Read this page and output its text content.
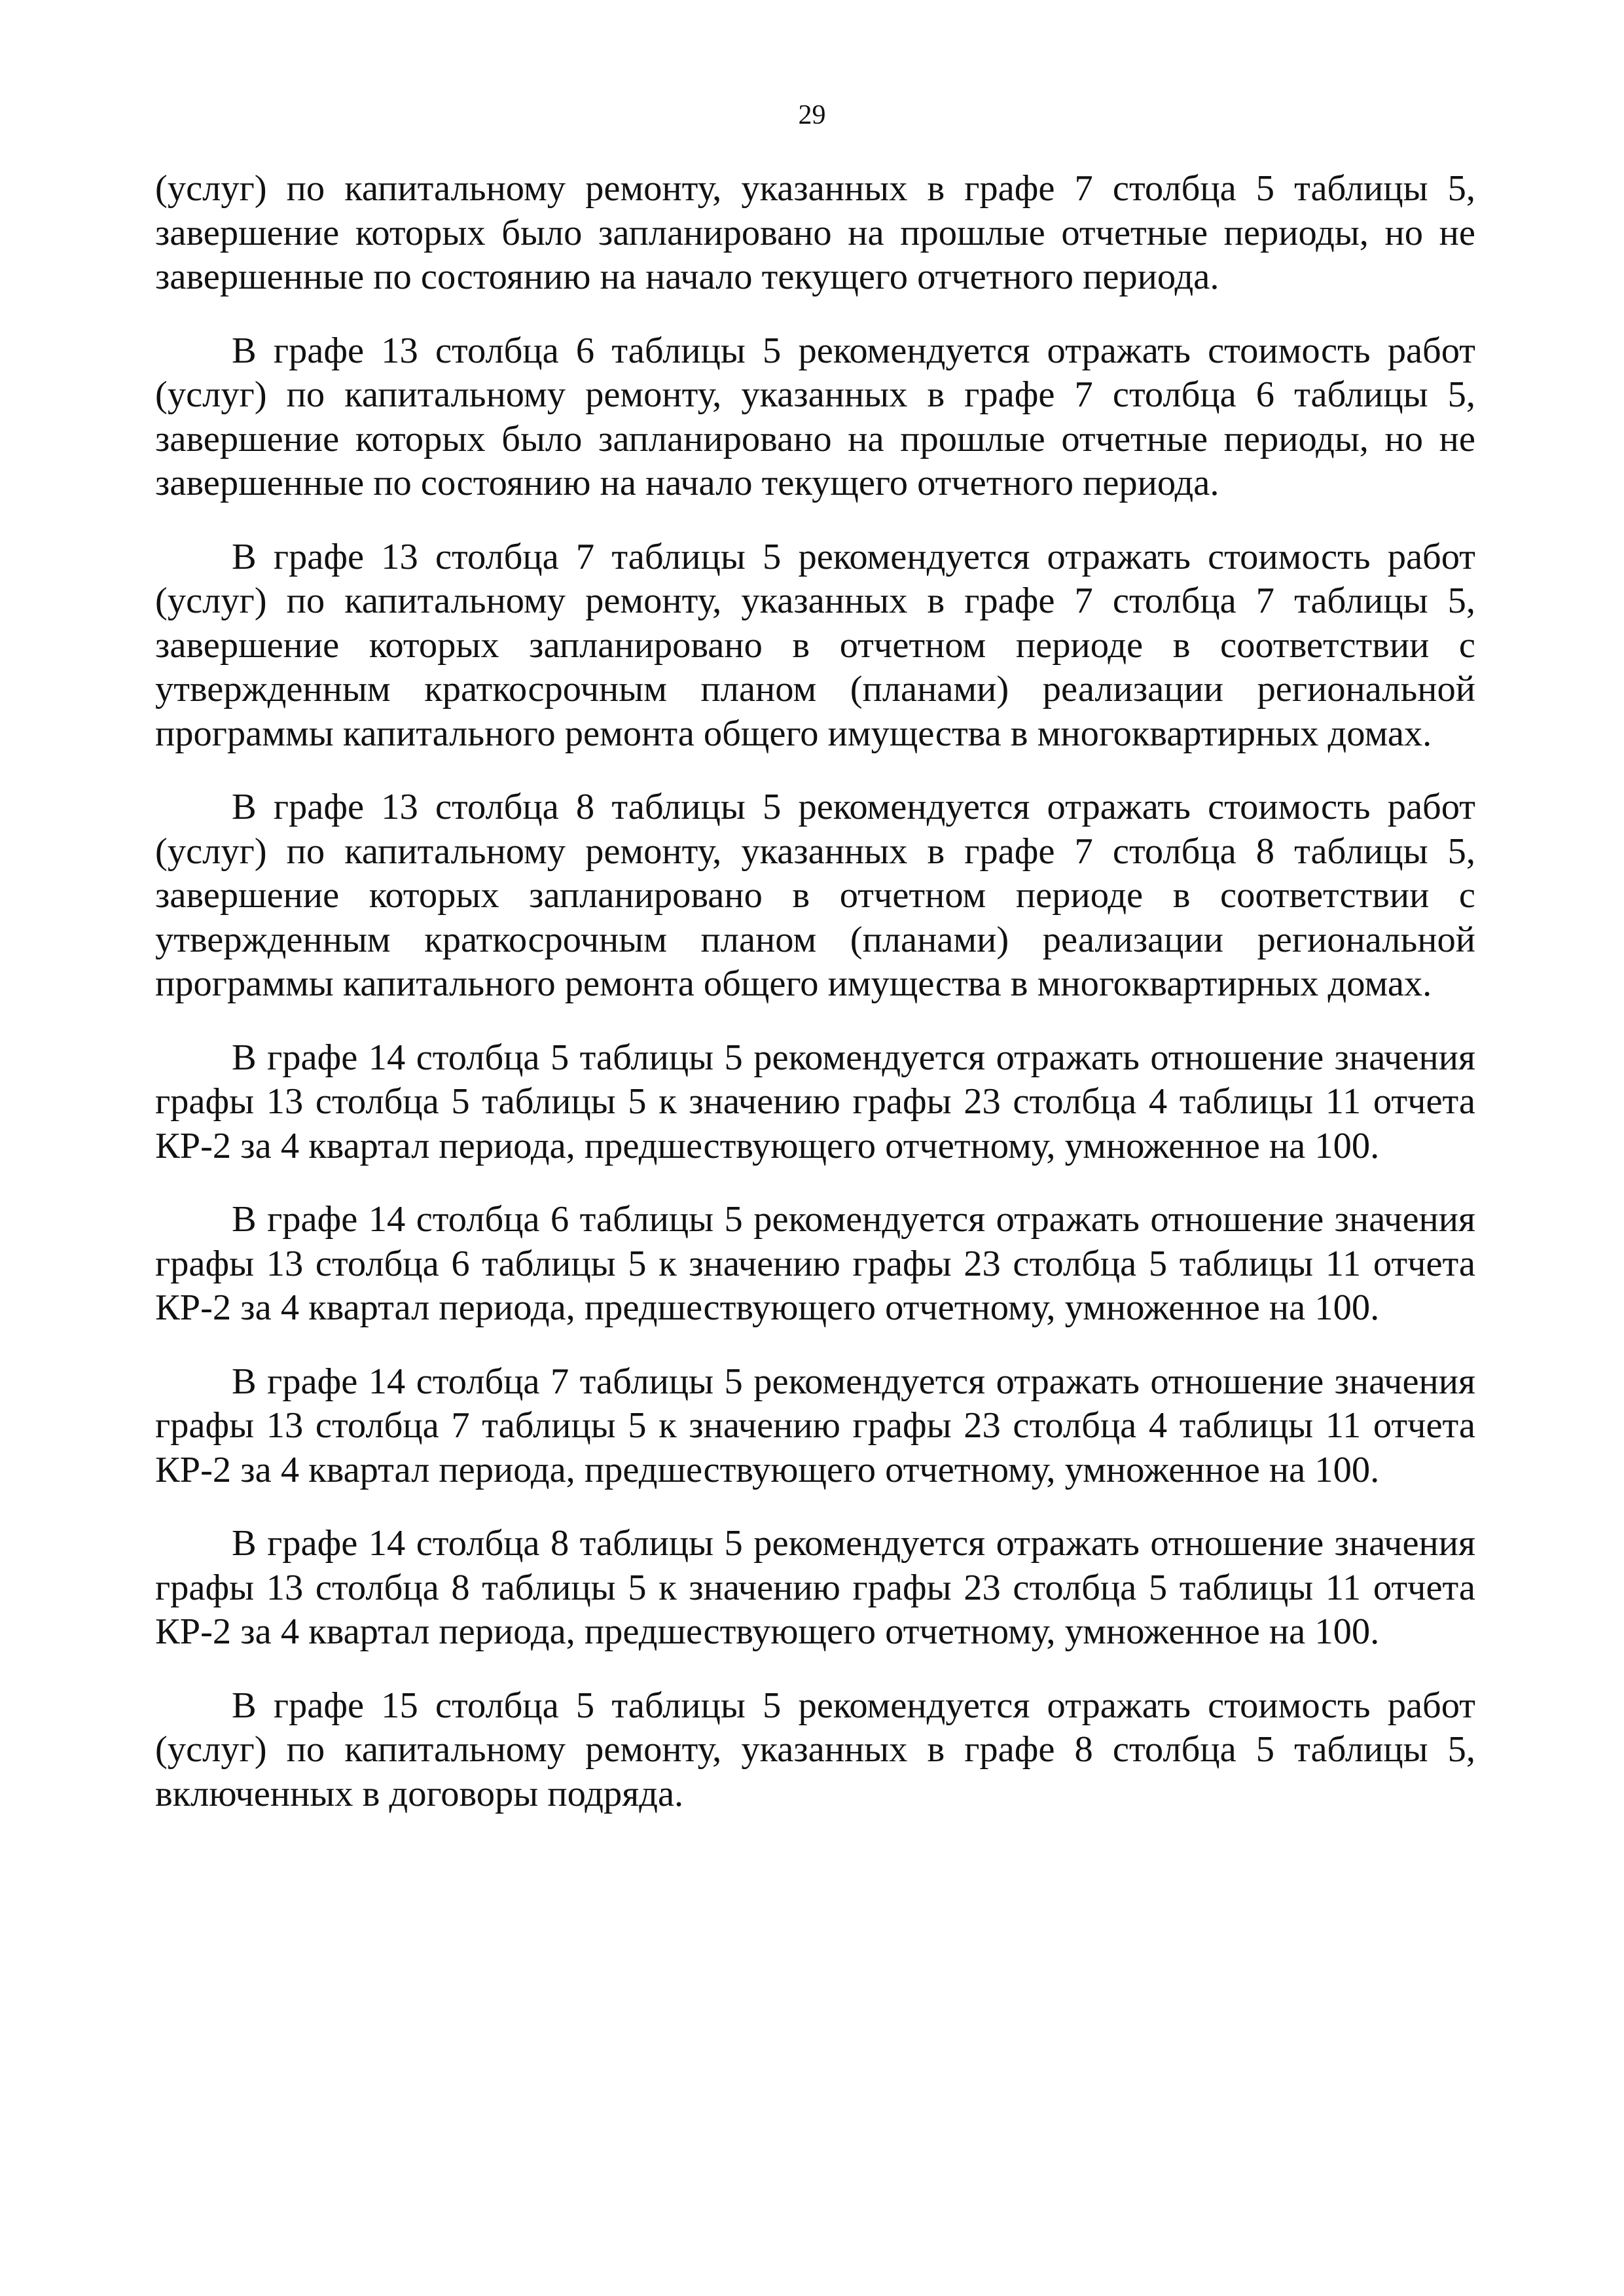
29

(услуг) по капитальному ремонту, указанных в графе 7 столбца 5 таблицы 5, завершение которых было запланировано на прошлые отчетные периоды, но не завершенные по состоянию на начало текущего отчетного периода.

В графе 13 столбца 6 таблицы 5 рекомендуется отражать стоимость работ (услуг) по капитальному ремонту, указанных в графе 7 столбца 6 таблицы 5, завершение которых было запланировано на прошлые отчетные периоды, но не завершенные по состоянию на начало текущего отчетного периода.

В графе 13 столбца 7 таблицы 5 рекомендуется отражать стоимость работ (услуг) по капитальному ремонту, указанных в графе 7 столбца 7 таблицы 5, завершение которых запланировано в отчетном периоде в соответствии с утвержденным краткосрочным планом (планами) реализации региональной программы капитального ремонта общего имущества в многоквартирных домах.

В графе 13 столбца 8 таблицы 5 рекомендуется отражать стоимость работ (услуг) по капитальному ремонту, указанных в графе 7 столбца 8 таблицы 5, завершение которых запланировано в отчетном периоде в соответствии с утвержденным краткосрочным планом (планами) реализации региональной программы капитального ремонта общего имущества в многоквартирных домах.

В графе 14 столбца 5 таблицы 5 рекомендуется отражать отношение значения графы 13 столбца 5 таблицы 5 к значению графы 23 столбца 4 таблицы 11 отчета КР-2 за 4 квартал периода, предшествующего отчетному, умноженное на 100.

В графе 14 столбца 6 таблицы 5 рекомендуется отражать отношение значения графы 13 столбца 6 таблицы 5 к значению графы 23 столбца 5 таблицы 11 отчета КР-2 за 4 квартал периода, предшествующего отчетному, умноженное на 100.

В графе 14 столбца 7 таблицы 5 рекомендуется отражать отношение значения графы 13 столбца 7 таблицы 5 к значению графы 23 столбца 4 таблицы 11 отчета КР-2 за 4 квартал периода, предшествующего отчетному, умноженное на 100.

В графе 14 столбца 8 таблицы 5 рекомендуется отражать отношение значения графы 13 столбца 8 таблицы 5 к значению графы 23 столбца 5 таблицы 11 отчета КР-2 за 4 квартал периода, предшествующего отчетному, умноженное на 100.

В графе 15 столбца 5 таблицы 5 рекомендуется отражать стоимость работ (услуг) по капитальному ремонту, указанных в графе 8 столбца 5 таблицы 5, включенных в договоры подряда.
